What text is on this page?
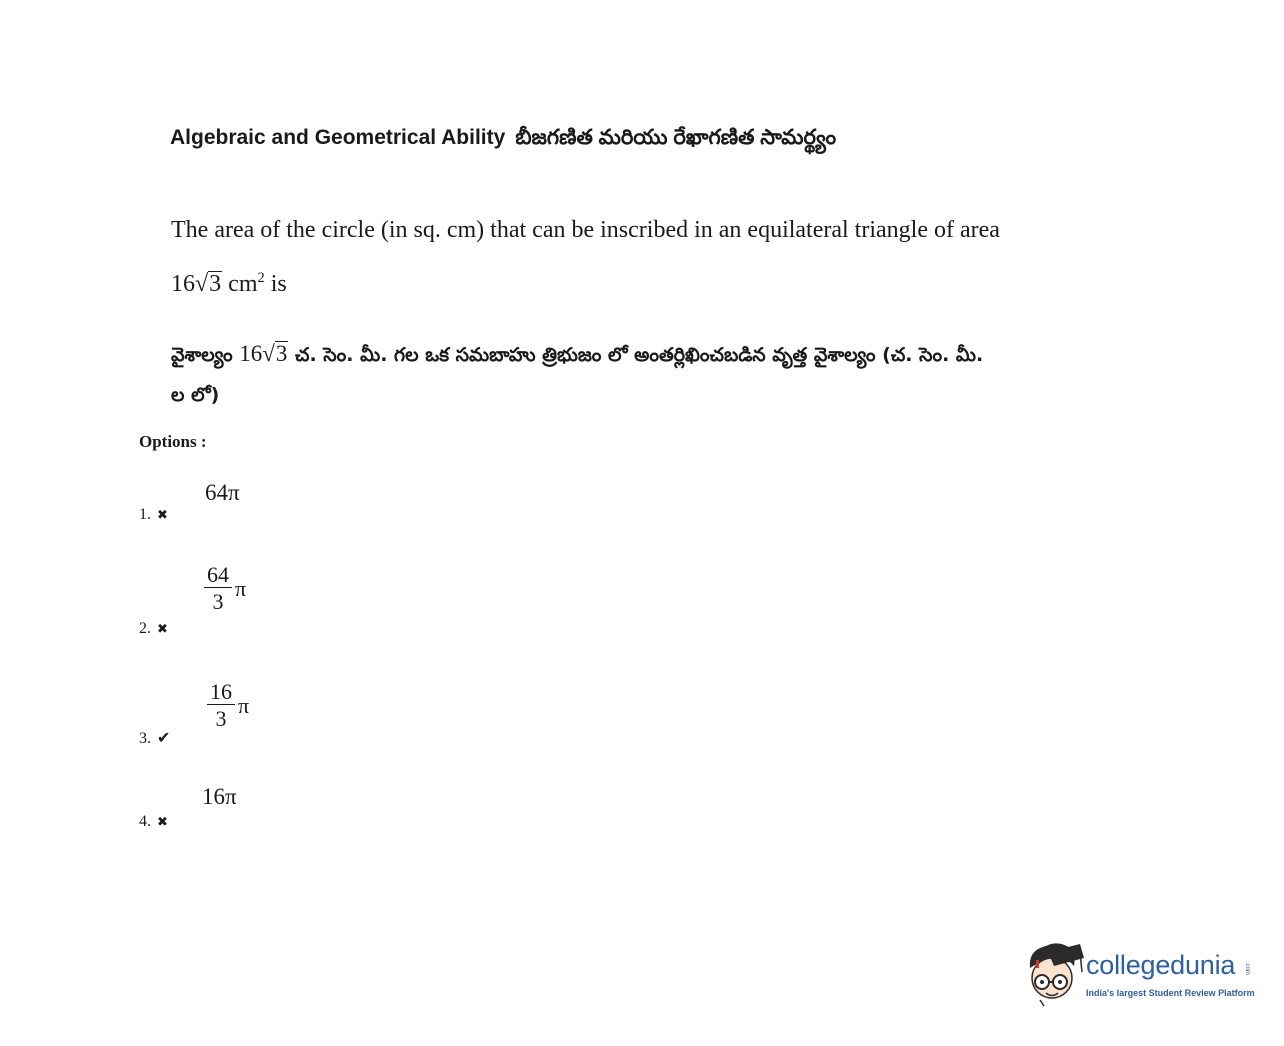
Algebraic and Geometrical Ability బీజగణిత మరియు రేఖాగణిత సామర్థ్యం
The area of the circle (in sq. cm) that can be inscribed in an equilateral triangle of area
16√3 $cm^2$ is
వైశాల్యం 16√3 చ. సెం. మీ. గల ఒక సమబాహు త్రిభుజం లో అంతర్లిఖించబడిన వృత్త వైశాల్యం (చ. సెం. మీ. ల లో)
Options :
64π
1. ✖
$\frac{64}{3}$ π
2. ✖
$\frac{16}{3}$ π
3. ✔
16π
4. ✖
collegedunia .com
India's largest Student Review Platform
